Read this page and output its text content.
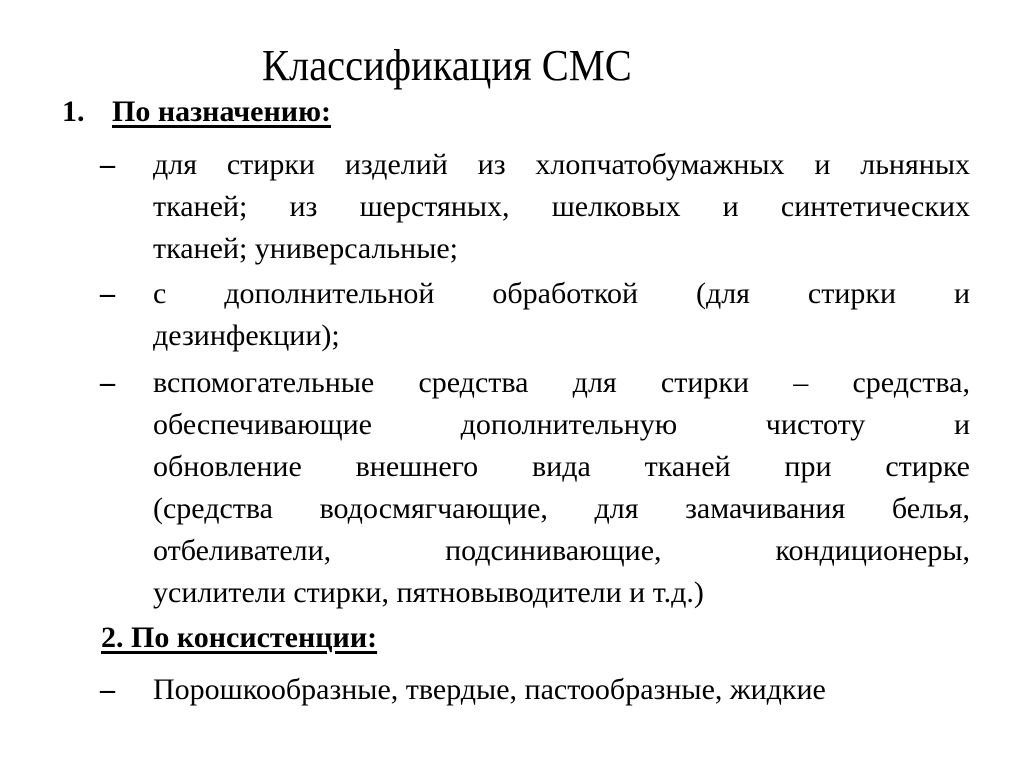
Классификация СМС
1. По назначению:
–	для стирки изделий из хлопчатобумажных и льняных
тканей; из шерстяных, шелковых и синтетических
тканей; универсальные;
–	с дополнительной обработкой (для стирки и
дезинфекции);
–	вспомогательные средства для стирки – средства,
обеспечивающие дополнительную чистоту и
обновление внешнего вида тканей при стирке
(средства водосмягчающие, для замачивания белья,
отбеливатели, подсинивающие, кондиционеры,
усилители стирки, пятновыводители и т.д.)
2. По консистенции:
–	Порошкообразные, твердые, пастообразные, жидкие
